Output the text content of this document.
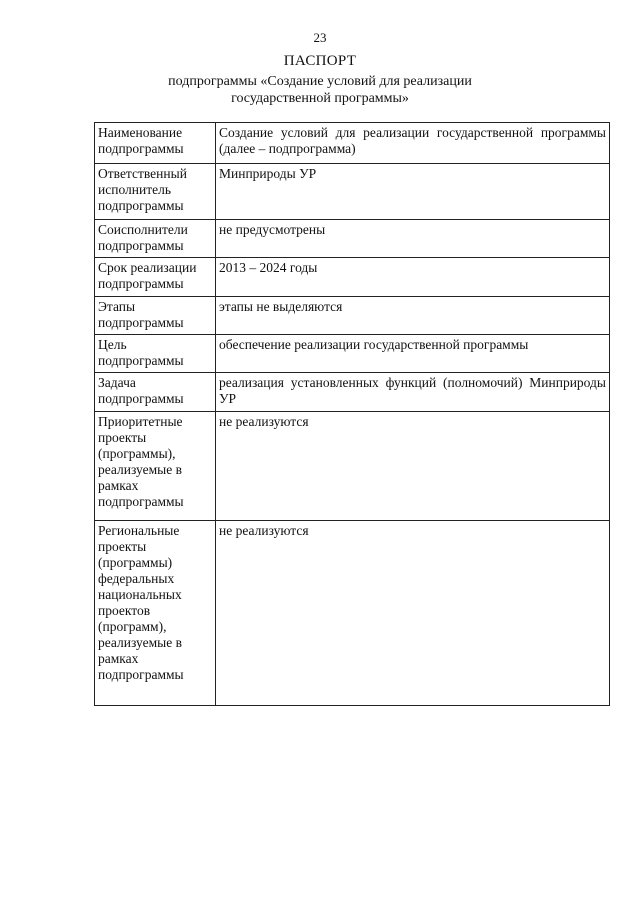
23
ПАСПОРТ
подпрограммы «Создание условий для реализации
государственной программы»
Наименование подпрограммы	Создание условий для реализации государственной программы (далее – подпрограмма)
Ответственный исполнитель подпрограммы	Минприроды УР
Соисполнители подпрограммы	не предусмотрены
Срок реализации подпрограммы	2013 – 2024 годы
Этапы подпрограммы	этапы не выделяются
Цель подпрограммы	обеспечение реализации государственной программы
Задача подпрограммы	реализация установленных функций (полномочий) Минприроды УР
Приоритетные проекты (программы), реализуемые в рамках подпрограммы	не реализуются
Региональные проекты (программы) федеральных национальных проектов (программ), реализуемые в рамках подпрограммы	не реализуются
